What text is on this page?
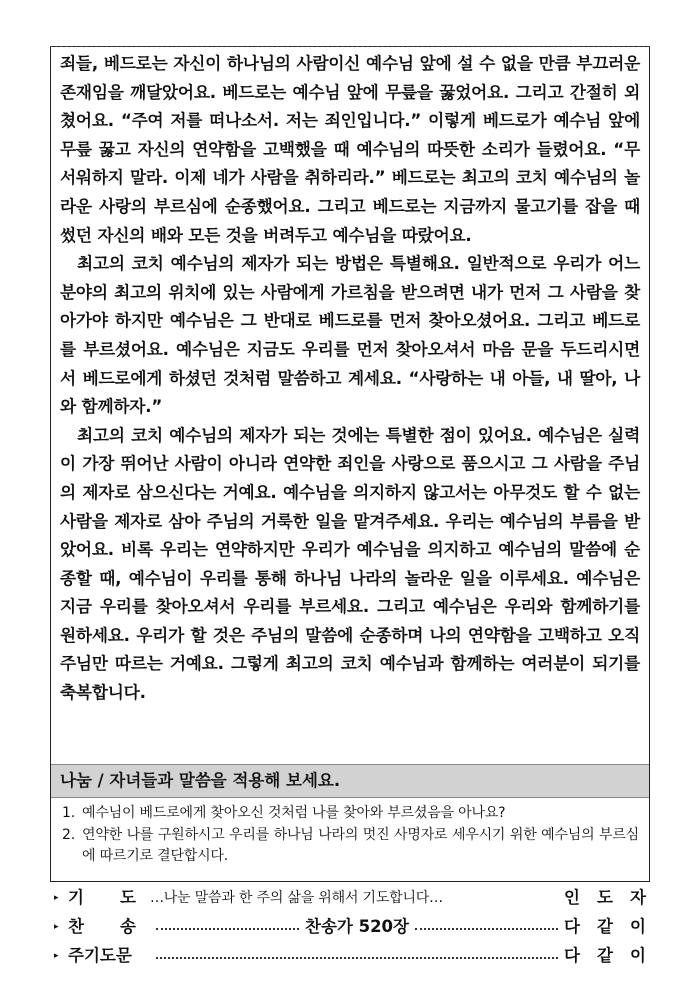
죄들, 베드로는 자신이 하나님의 사람이신 예수님 앞에 설 수 없을 만큼 부끄러운 존재임을 깨달았어요. 베드로는 예수님 앞에 무릎을 꿇었어요. 그리고 간절히 외쳤어요. “주여 저를 떠나소서. 저는 죄인입니다.” 이렇게 베드로가 예수님 앞에 무릎 꿇고 자신의 연약함을 고백했을 때 예수님의 따뜻한 소리가 들렸어요. “무서워하지 말라. 이제 네가 사람을 취하리라.” 베드로는 최고의 코치 예수님의 놀라운 사랑의 부르심에 순종했어요. 그리고 베드로는 지금까지 물고기를 잡을 때 썼던 자신의 배와 모든 것을 버려두고 예수님을 따랐어요.

최고의 코치 예수님의 제자가 되는 방법은 특별해요. 일반적으로 우리가 어느 분야의 최고의 위치에 있는 사람에게 가르침을 받으려면 내가 먼저 그 사람을 찾아가야 하지만 예수님은 그 반대로 베드로를 먼저 찾아오셨어요. 그리고 베드로를 부르셨어요. 예수님은 지금도 우리를 먼저 찾아오셔서 마음 문을 두드리시면서 베드로에게 하셨던 것처럼 말씀하고 계세요. “사랑하는 내 아들, 내 딸아, 나와 함께하자.”

최고의 코치 예수님의 제자가 되는 것에는 특별한 점이 있어요. 예수님은 실력이 가장 뛰어난 사람이 아니라 연약한 죄인을 사랑으로 품으시고 그 사람을 주님의 제자로 삼으신다는 거예요. 예수님을 의지하지 않고서는 아무것도 할 수 없는 사람을 제자로 삼아 주님의 거룩한 일을 맡겨주세요. 우리는 예수님의 부름을 받았어요. 비록 우리는 연약하지만 우리가 예수님을 의지하고 예수님의 말씀에 순종할 때, 예수님이 우리를 통해 하나님 나라의 놀라운 일을 이루세요. 예수님은 지금 우리를 찾아오셔서 우리를 부르세요. 그리고 예수님은 우리와 함께하기를 원하세요. 우리가 할 것은 주님의 말씀에 순종하며 나의 연약함을 고백하고 오직 주님만 따르는 거예요. 그렇게 최고의 코치 예수님과 함께하는 여러분이 되기를 축복합니다.

나눔 / 자녀들과 말씀을 적용해 보세요.
1. 예수님이 베드로에게 찾아오신 것처럼 나를 찾아와 부르셨음을 아나요?
2. 연약한 나를 구원하시고 우리를 하나님 나라의 멋진 사명자로 세우시기 위한 예수님의 부르심에 따르기로 결단합시다.
▸ 기 도 …나눈 말씀과 한 주의 삶을 위해서 기도합니다…	인 도 자
▸ 찬 송	찬송가 520장	다 같 이
▸ 주기도문	다 같 이
